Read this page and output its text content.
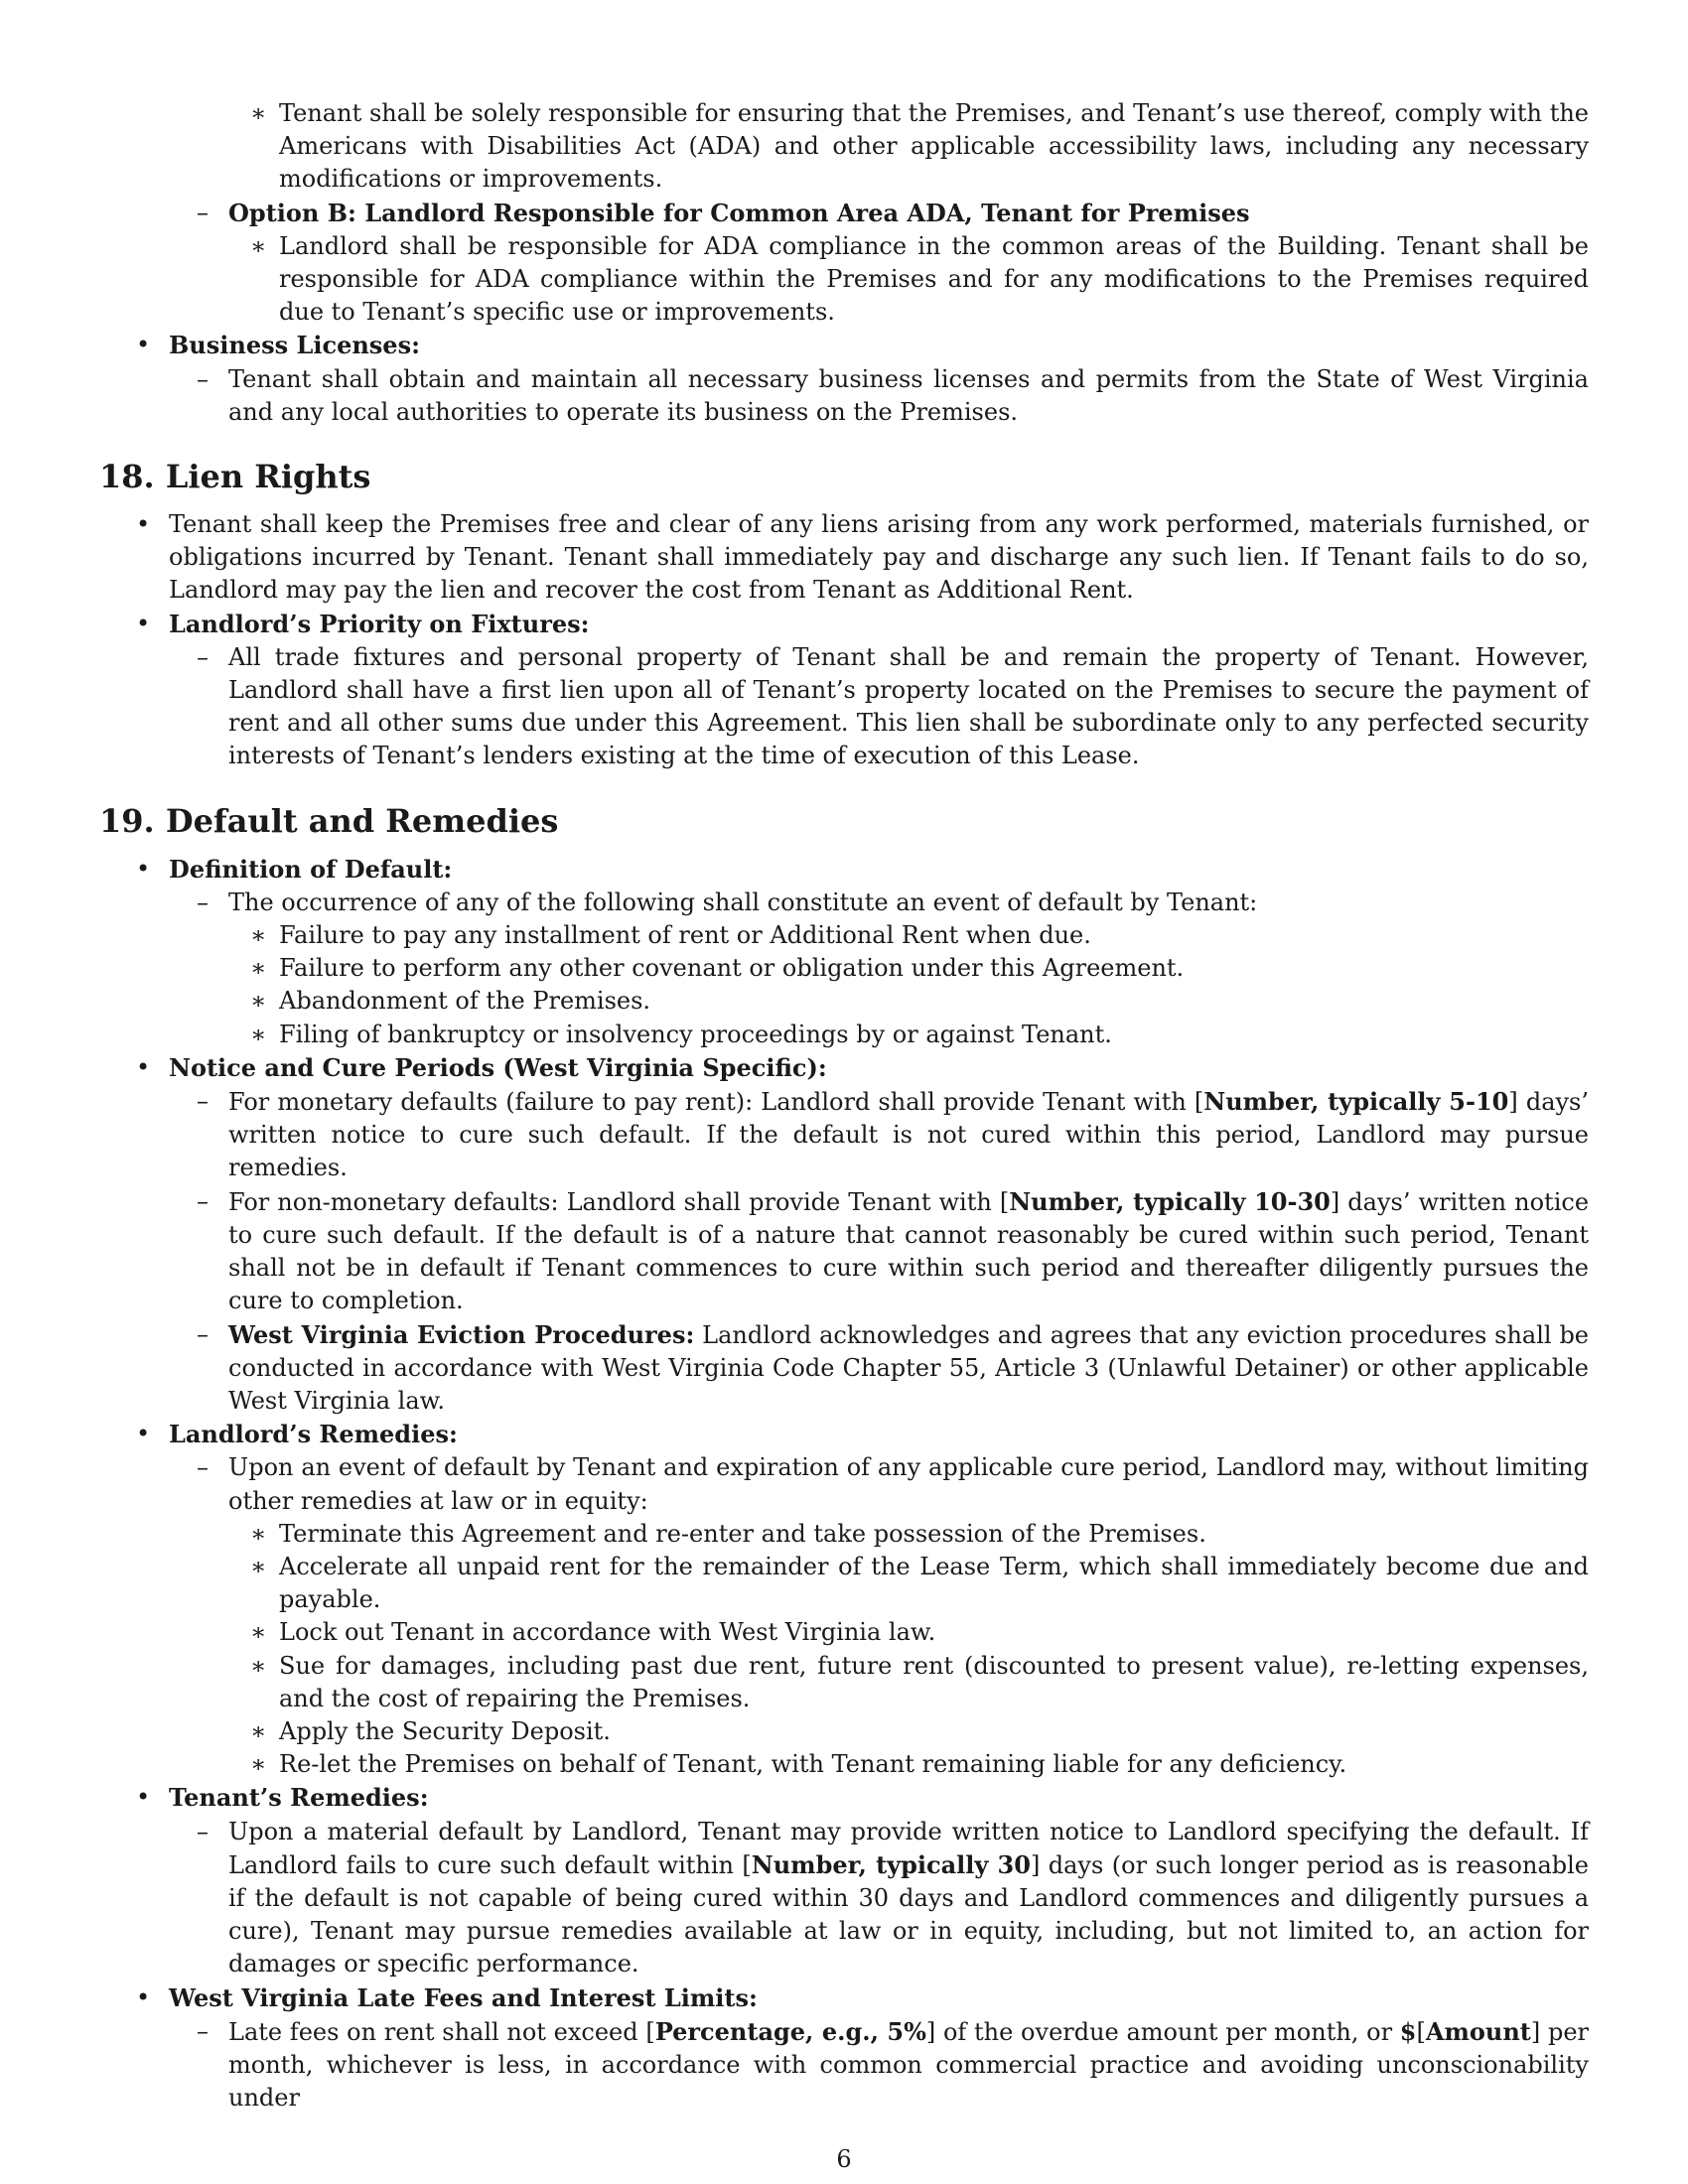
∗ Tenant shall be solely responsible for ensuring that the Premises, and Tenant’s use thereof, comply with the Americans with Disabilities Act (ADA) and other applicable accessibility laws, including any necessary modifications or improvements.

– Option B: Landlord Responsible for Common Area ADA, Tenant for Premises

∗ Landlord shall be responsible for ADA compliance in the common areas of the Building. Tenant shall be responsible for ADA compliance within the Premises and for any modifications to the Premises required due to Tenant’s specific use or improvements.

• Business Licenses:

– Tenant shall obtain and maintain all necessary business licenses and permits from the State of West Virginia and any local authorities to operate its business on the Premises.

18. Lien Rights

• Tenant shall keep the Premises free and clear of any liens arising from any work performed, materials furnished, or obligations incurred by Tenant. Tenant shall immediately pay and discharge any such lien. If Tenant fails to do so, Landlord may pay the lien and recover the cost from Tenant as Additional Rent.

• Landlord’s Priority on Fixtures:

– All trade fixtures and personal property of Tenant shall be and remain the property of Tenant. However, Landlord shall have a first lien upon all of Tenant’s property located on the Premises to secure the payment of rent and all other sums due under this Agreement. This lien shall be subordinate only to any perfected security interests of Tenant’s lenders existing at the time of execution of this Lease.

19. Default and Remedies

• Definition of Default:

– The occurrence of any of the following shall constitute an event of default by Tenant:

∗ Failure to pay any installment of rent or Additional Rent when due.

∗ Failure to perform any other covenant or obligation under this Agreement.

∗ Abandonment of the Premises.

∗ Filing of bankruptcy or insolvency proceedings by or against Tenant.

• Notice and Cure Periods (West Virginia Specific):

– For monetary defaults (failure to pay rent): Landlord shall provide Tenant with [Number, typically 5-10] days’ written notice to cure such default. If the default is not cured within this period, Landlord may pursue remedies.

– For non-monetary defaults: Landlord shall provide Tenant with [Number, typically 10-30] days’ written notice to cure such default. If the default is of a nature that cannot reasonably be cured within such period, Tenant shall not be in default if Tenant commences to cure within such period and thereafter diligently pursues the cure to completion.

– West Virginia Eviction Procedures: Landlord acknowledges and agrees that any eviction procedures shall be conducted in accordance with West Virginia Code Chapter 55, Article 3 (Unlawful Detainer) or other applicable West Virginia law.

• Landlord’s Remedies:

– Upon an event of default by Tenant and expiration of any applicable cure period, Landlord may, without limiting other remedies at law or in equity:

∗ Terminate this Agreement and re-enter and take possession of the Premises.

∗ Accelerate all unpaid rent for the remainder of the Lease Term, which shall immediately become due and payable.

∗ Lock out Tenant in accordance with West Virginia law.

∗ Sue for damages, including past due rent, future rent (discounted to present value), re-letting expenses, and the cost of repairing the Premises.

∗ Apply the Security Deposit.

∗ Re-let the Premises on behalf of Tenant, with Tenant remaining liable for any deficiency.

• Tenant’s Remedies:

– Upon a material default by Landlord, Tenant may provide written notice to Landlord specifying the default. If Landlord fails to cure such default within [Number, typically 30] days (or such longer period as is reasonable if the default is not capable of being cured within 30 days and Landlord commences and diligently pursues a cure), Tenant may pursue remedies available at law or in equity, including, but not limited to, an action for damages or specific performance.

• West Virginia Late Fees and Interest Limits:

– Late fees on rent shall not exceed [Percentage, e.g., 5%] of the overdue amount per month, or $[Amount] per month, whichever is less, in accordance with common commercial practice and avoiding unconscionability under

6
